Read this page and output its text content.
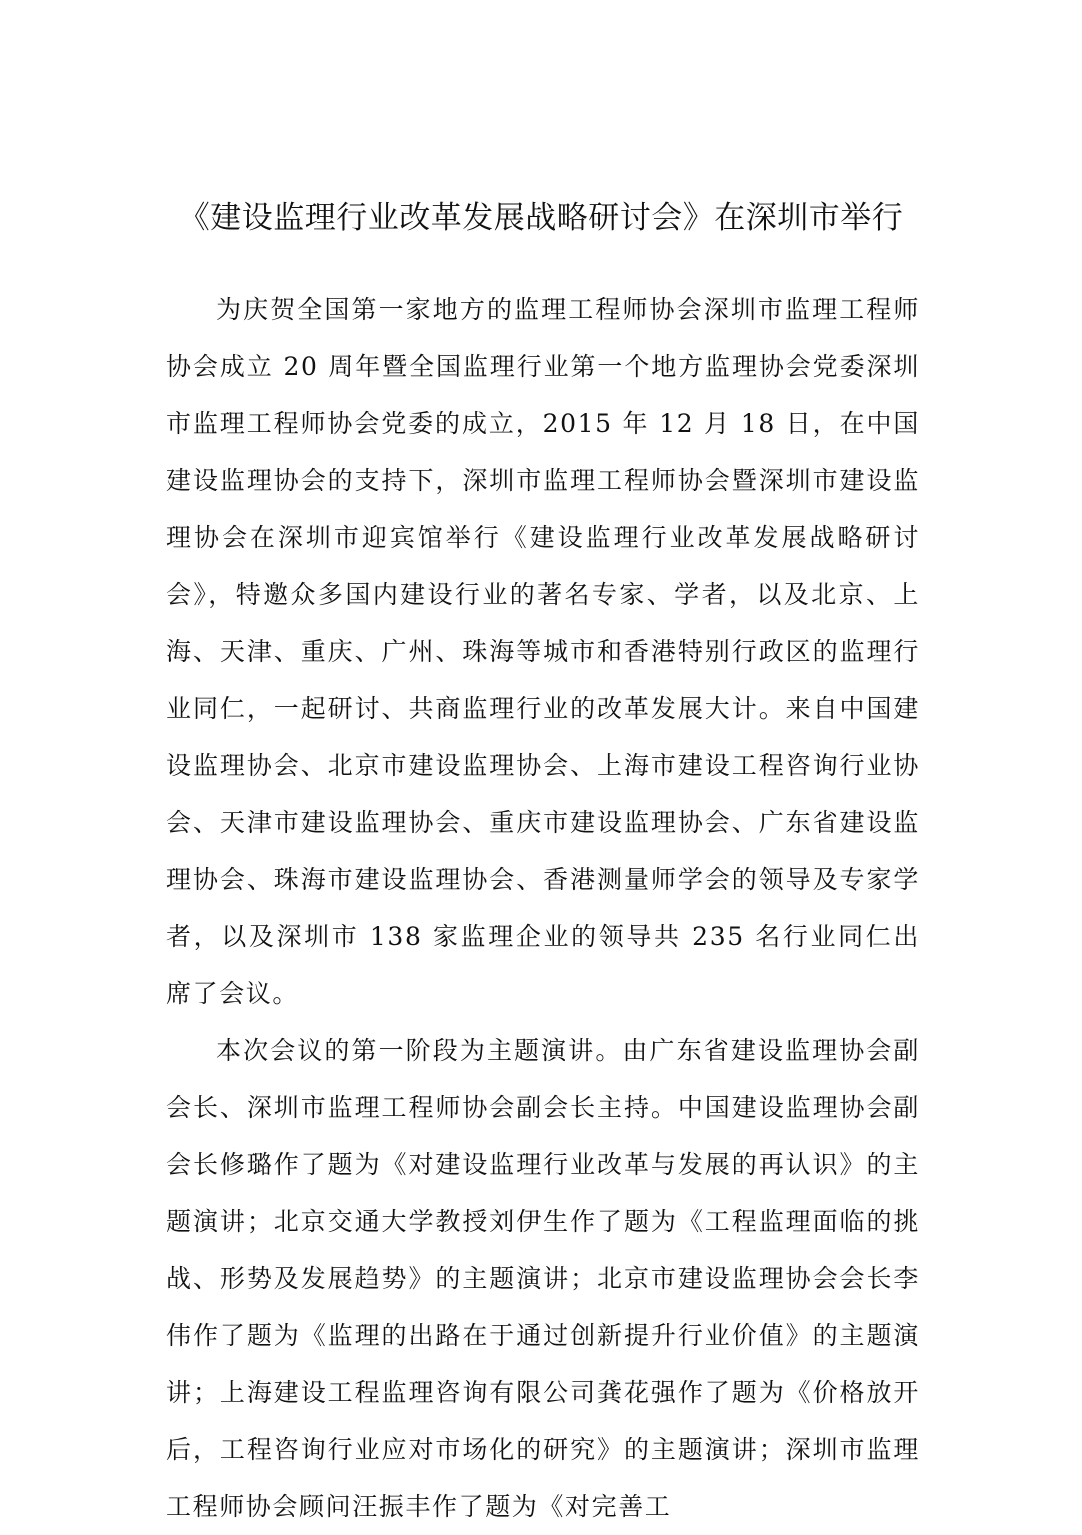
《建设监理行业改革发展战略研讨会》在深圳市举行

为庆贺全国第一家地方的监理工程师协会深圳市监理工程师协会成立 20 周年暨全国监理行业第一个地方监理协会党委深圳市监理工程师协会党委的成立，2015 年 12 月 18 日，在中国建设监理协会的支持下，深圳市监理工程师协会暨深圳市建设监理协会在深圳市迎宾馆举行《建设监理行业改革发展战略研讨会》，特邀众多国内建设行业的著名专家、学者，以及北京、上海、天津、重庆、广州、珠海等城市和香港特别行政区的监理行业同仁，一起研讨、共商监理行业的改革发展大计。来自中国建设监理协会、北京市建设监理协会、上海市建设工程咨询行业协会、天津市建设监理协会、重庆市建设监理协会、广东省建设监理协会、珠海市建设监理协会、香港测量师学会的领导及专家学者，以及深圳市 138 家监理企业的领导共 235 名行业同仁出席了会议。

本次会议的第一阶段为主题演讲。由广东省建设监理协会副会长、深圳市监理工程师协会副会长主持。中国建设监理协会副会长修璐作了题为《对建设监理行业改革与发展的再认识》的主题演讲；北京交通大学教授刘伊生作了题为《工程监理面临的挑战、形势及发展趋势》的主题演讲；北京市建设监理协会会长李伟作了题为《监理的出路在于通过创新提升行业价值》的主题演讲；上海建设工程监理咨询有限公司龚花强作了题为《价格放开后，工程咨询行业应对市场化的研究》的主题演讲；深圳市监理工程师协会顾问汪振丰作了题为《对完善工
